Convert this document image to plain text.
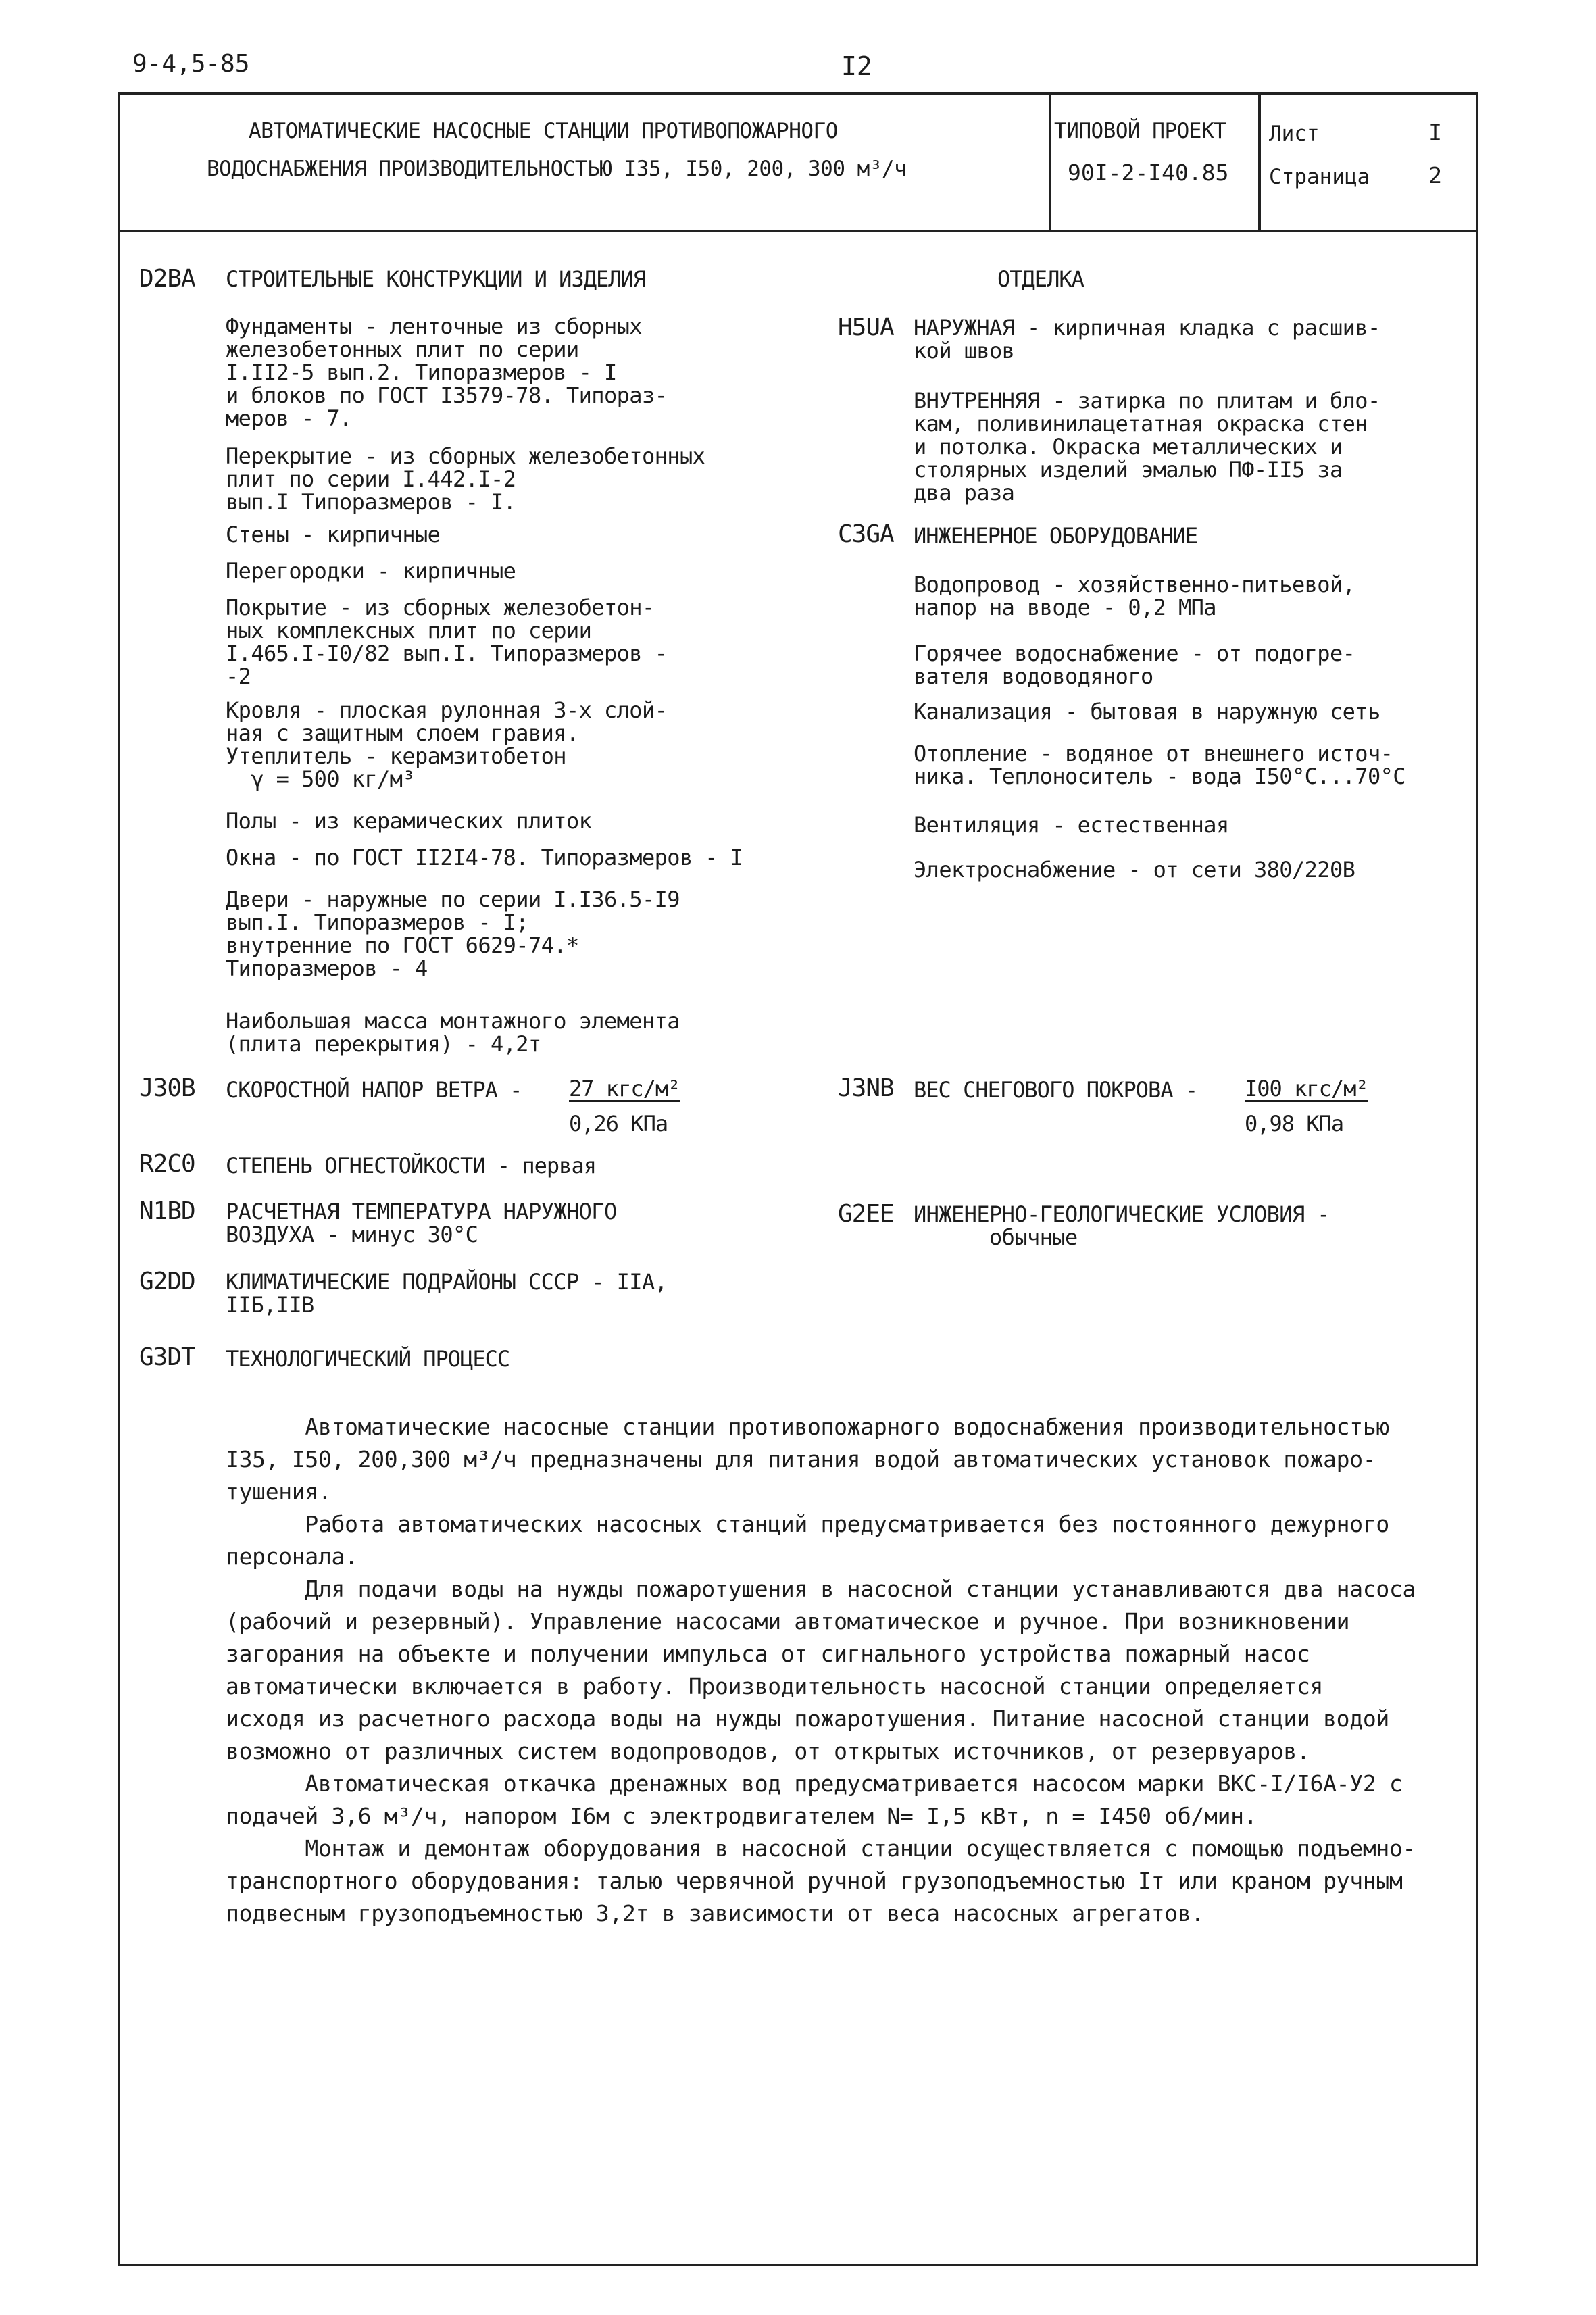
9-4,5-85	I2
АВТОМАТИЧЕСКИЕ НАСОСНЫЕ СТАНЦИИ ПРОТИВОПОЖАРНОГО
ВОДОСНАБЖЕНИЯ ПРОИЗВОДИТЕЛЬНОСТЬЮ I35, I50, 200, 300 м³/ч
ТИПОВОЙ ПРОЕКТ
90I-2-I40.85
Лист	I
Страница	2
D2BA СТРОИТЕЛЬНЫЕ КОНСТРУКЦИИ И ИЗДЕЛИЯ
Фундаменты - ленточные из сборных
железобетонных плит по серии
I.II2-5 вып.2. Типоразмеров - I
и блоков по ГОСТ I3579-78. Типораз-
меров - 7.
Перекрытие - из сборных железобетонных
плит по серии I.442.I-2
вып.I Типоразмеров - I.
Стены - кирпичные
Перегородки - кирпичные
Покрытие - из сборных железобетон-
ных комплексных плит по серии
I.465.I-I0/82 вып.I. Типоразмеров -
-2
Кровля - плоская рулонная 3-х слой-
ная с защитным слоем гравия.
Утеплитель - керамзитобетон
γ = 500 кг/м³
Полы - из керамических плиток
Окна - по ГОСТ II2I4-78. Типоразмеров - I
Двери - наружные по серии I.I36.5-I9
вып.I. Типоразмеров - I;
внутренние по ГОСТ 6629-74.*
Типоразмеров - 4
Наибольшая масса монтажного элемента
(плита перекрытия) - 4,2т
J30B СКОРОСТНОЙ НАПОР ВЕТРА - 27 кгс/м²
0,26 КПа
R2C0 СТЕПЕНЬ ОГНЕСТОЙКОСТИ - первая
N1BD РАСЧЕТНАЯ ТЕМПЕРАТУРА НАРУЖНОГО
ВОЗДУХА - минус 30°С
G2DD КЛИМАТИЧЕСКИЕ ПОДРАЙОНЫ СССР - IIА,
IIБ,IIВ
G3DT ТЕХНОЛОГИЧЕСКИЙ ПРОЦЕСС
ОТДЕЛКА
H5UA НАРУЖНАЯ - кирпичная кладка с расшив-
кой швов
ВНУТРЕННЯЯ - затирка по плитам и бло-
кам, поливинилацетатная окраска стен
и потолка. Окраска металлических и
столярных изделий эмалью ПФ-II5 за
два раза
C3GA ИНЖЕНЕРНОЕ ОБОРУДОВАНИЕ
Водопровод - хозяйственно-питьевой,
напор на вводе - 0,2 МПа
Горячее водоснабжение - от подогре-
вателя водоводяного
Канализация - бытовая в наружную сеть
Отопление - водяное от внешнего источ-
ника. Теплоноситель - вода I50°С...70°С
Вентиляция - естественная
Электроснабжение - от сети 380/220В
J3NB ВЕС СНЕГОВОГО ПОКРОВА - I00 кгс/м²
0,98 КПа
G2EE ИНЖЕНЕРНО-ГЕОЛОГИЧЕСКИЕ УСЛОВИЯ -
обычные
Автоматические насосные станции противопожарного водоснабжения производительностью
I35, I50, 200,300 м³/ч предназначены для питания водой автоматических установок пожаро-
тушения.
Работа автоматических насосных станций предусматривается без постоянного дежурного
персонала.
Для подачи воды на нужды пожаротушения в насосной станции устанавливаются два насоса
(рабочий и резервный). Управление насосами автоматическое и ручное. При возникновении
загорания на объекте и получении импульса от сигнального устройства пожарный насос
автоматически включается в работу. Производительность насосной станции определяется
исходя из расчетного расхода воды на нужды пожаротушения. Питание насосной станции водой
возможно от различных систем водопроводов, от открытых источников, от резервуаров.
Автоматическая откачка дренажных вод предусматривается насосом марки ВКС-I/I6А-У2 с
подачей 3,6 м³/ч, напором I6м с электродвигателем N= I,5 кВт, n = I450 об/мин.
Монтаж и демонтаж оборудования в насосной станции осуществляется с помощью подъемно-
транспортного оборудования: талью червячной ручной грузоподъемностью Iт или краном ручным
подвесным грузоподъемностью 3,2т в зависимости от веса насосных агрегатов.
